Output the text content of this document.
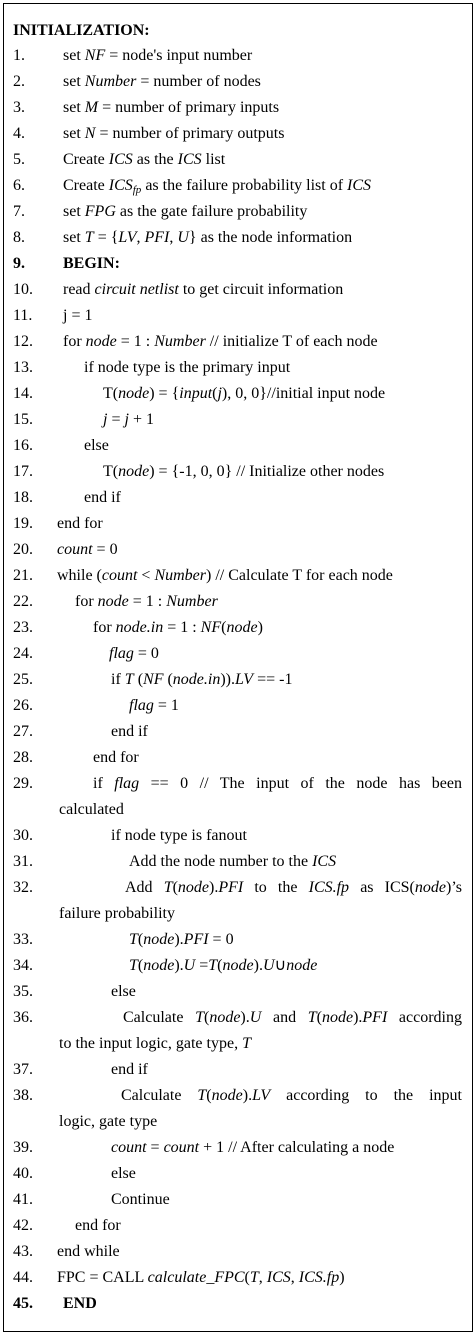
INITIALIZATION:
1. set NF = node's input number
2. set Number = number of nodes
3. set M = number of primary inputs
4. set N = number of primary outputs
5. Create ICS as the ICS list
6. Create $ICS_{fp}$ as the failure probability list of ICS
7. set FPG as the gate failure probability
8. set T = {LV, PFI, U} as the node information
9. BEGIN:
10. read circuit netlist to get circuit information
11. j = 1
12. for node = 1 : Number // initialize T of each node
13.	if node type is the primary input
14.	T(node) = {input(j), 0, 0}//initial input node
15.	j = j + 1
16.	else
17.	T(node) = {-1, 0, 0} // Initialize other nodes
18.	end if
19. end for
20. count = 0
21. while (count < Number) // Calculate T for each node
22.	for node = 1 : Number
23.	for node.in = 1 : NF(node)
24.	flag = 0
25.	if T (NF (node.in)).LV == -1
26.	flag = 1
27.	end if
28.	end for
29.	if flag == 0 // The input of the node has been
calculated
30.	if node type is fanout
31.	Add the node number to the ICS
32.	Add T(node).PFI to the ICS.fp as ICS(node)’s
failure probability
33.	T(node).PFI = 0
34.	T(node).U =T(node).U∪node
35.	else
36.	Calculate T(node).U and T(node).PFI according
to the input logic, gate type, T
37.	end if
38.	Calculate T(node).LV according to the input
logic, gate type
39.	count = count + 1 // After calculating a node
40.	else
41.	Continue
42.	end for
43. end while
44. FPC = CALL calculate_FPC(T, ICS, ICS.fp)
45. END
